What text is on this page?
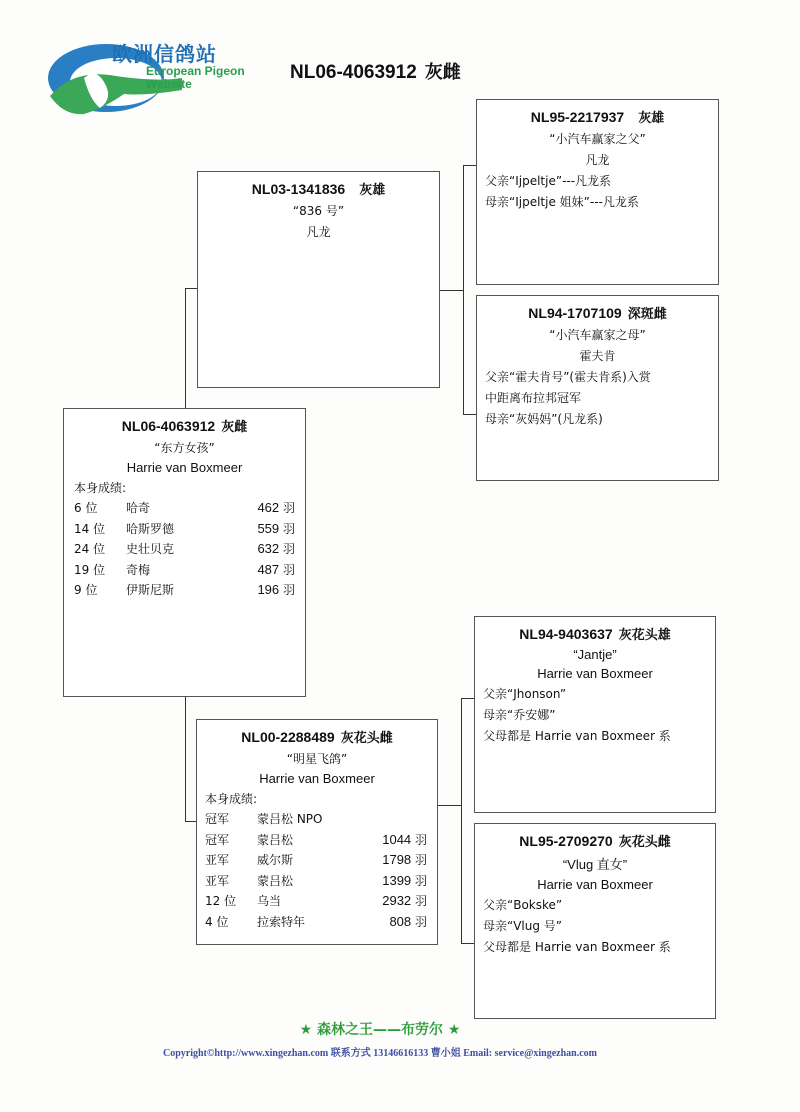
欧洲信鸽站
European Pigeon
Website
NL06-4063912 灰雌
NL06-4063912 灰雌
“东方女孩”
Harrie van Boxmeer
本身成绩:
6 位 哈奇	462 羽
14 位 哈斯罗德	559 羽
24 位 史壮贝克	632 羽
19 位 奇梅	487 羽
9 位 伊斯尼斯	196 羽
NL03-1341836 灰雄
“836 号”
凡龙
NL00-2288489 灰花头雌
“明星飞鸽”
Harrie van Boxmeer
本身成绩:
冠军 蒙吕松 NPO
冠军 蒙吕松	1044 羽
亚军 威尔斯	1798 羽
亚军 蒙吕松	1399 羽
12 位 乌当	2932 羽
4 位 拉索特年	808 羽
NL95-2217937 灰雄
“小汽车赢家之父”
凡龙
父亲“Ijpeltje”---凡龙系
母亲“Ijpeltje 姐妹”---凡龙系
NL94-1707109 深斑雌
“小汽车赢家之母”
霍夫肯
父亲“霍夫肯号”(霍夫肯系)入赏
中距离布拉邦冠军
母亲“灰妈妈”(凡龙系)
NL94-9403637 灰花头雄
“Jantje”
Harrie van Boxmeer
父亲“Jhonson”
母亲“乔安娜”
父母都是 Harrie van Boxmeer 系
NL95-2709270 灰花头雌
“Vlug 直女”
Harrie van Boxmeer
父亲“Bokske”
母亲“Vlug 号”
父母都是 Harrie van Boxmeer 系
★ 森林之王——布劳尔 ★
Copyright©http://www.xingezhan.com 联系方式 13146616133 曹小姐 Email: service@xingezhan.com
